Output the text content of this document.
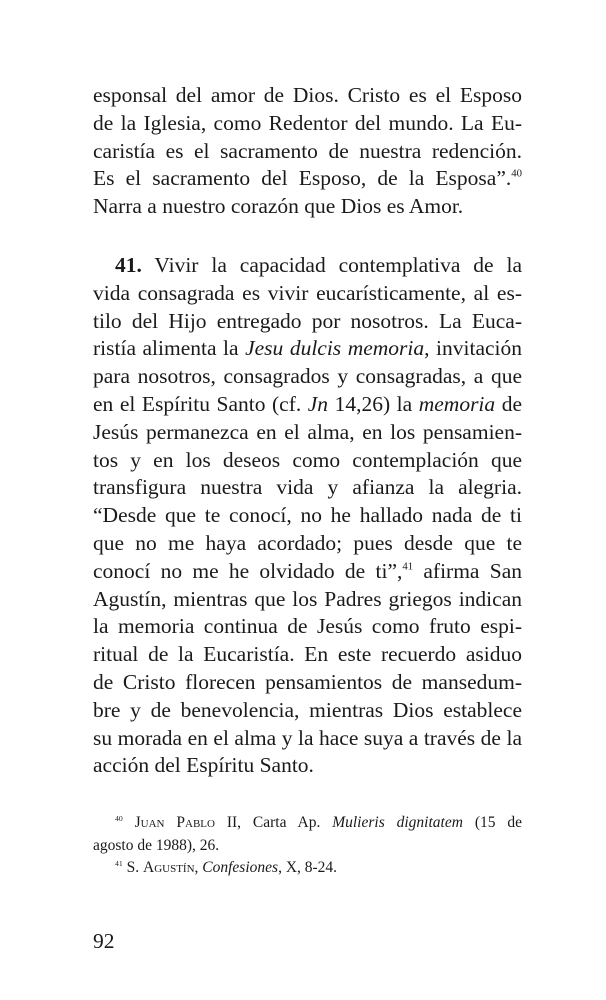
esponsal del amor de Dios. Cristo es el Esposo
de la Iglesia, como Redentor del mundo. La Eu-
caristía es el sacramento de nuestra redención.
Es el sacramento del Esposo, de la Esposa”.$^{40}$
Narra a nuestro corazón que Dios es Amor.
41. Vivir la capacidad contemplativa de la
vida consagrada es vivir eucarísticamente, al es-
tilo del Hijo entregado por nosotros. La Euca-
ristía alimenta la Jesu dulcis memoria, invitación
para nosotros, consagrados y consagradas, a que
en el Espíritu Santo (cf. Jn 14,26) la memoria de
Jesús permanezca en el alma, en los pensamien-
tos y en los deseos como contemplación que
transfigura nuestra vida y afianza la alegria.
“Desde que te conocí, no he hallado nada de ti
que no me haya acordado; pues desde que te
conocí no me he olvidado de ti”,$^{41}$ afirma San
Agustín, mientras que los Padres griegos indican
la memoria continua de Jesús como fruto espi-
ritual de la Eucaristía. En este recuerdo asiduo
de Cristo florecen pensamientos de mansedum-
bre y de benevolencia, mientras Dios establece
su morada en el alma y la hace suya a través de la
acción del Espíritu Santo.
$^{40}$ Juan Pablo II, Carta Ap. Mulieris dignitatem (15 de
agosto de 1988), 26.
$^{41}$ S. Agustín, Confesiones, X, 8-24.
92
